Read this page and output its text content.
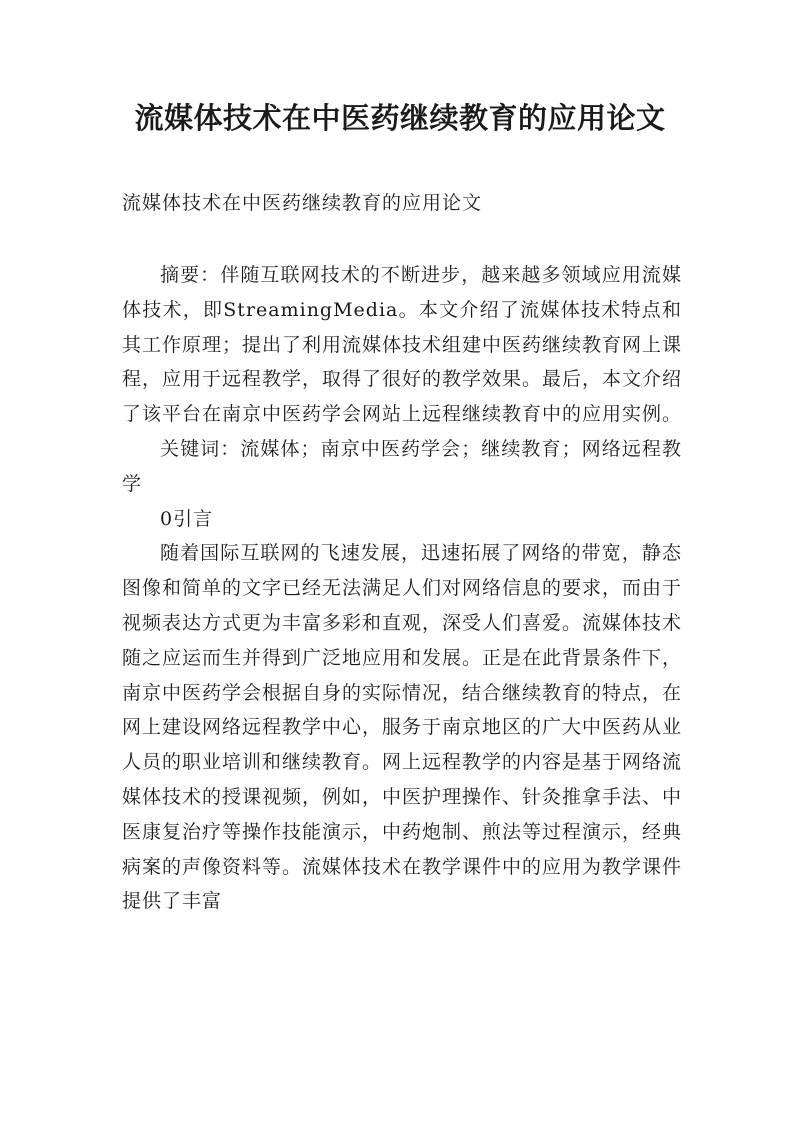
流媒体技术在中医药继续教育的应用论文

流媒体技术在中医药继续教育的应用论文

摘要：伴随互联网技术的不断进步，越来越多领域应用流媒体技术，即StreamingMedia。本文介绍了流媒体技术特点和其工作原理；提出了利用流媒体技术组建中医药继续教育网上课程，应用于远程教学，取得了很好的教学效果。最后，本文介绍了该平台在南京中医药学会网站上远程继续教育中的应用实例。

关键词：流媒体；南京中医药学会；继续教育；网络远程教学

0引言

随着国际互联网的飞速发展，迅速拓展了网络的带宽，静态图像和简单的文字已经无法满足人们对网络信息的要求，而由于视频表达方式更为丰富多彩和直观，深受人们喜爱。流媒体技术随之应运而生并得到广泛地应用和发展。正是在此背景条件下，南京中医药学会根据自身的实际情况，结合继续教育的特点，在网上建设网络远程教学中心，服务于南京地区的广大中医药从业人员的职业培训和继续教育。网上远程教学的内容是基于网络流媒体技术的授课视频，例如，中医护理操作、针灸推拿手法、中医康复治疗等操作技能演示，中药炮制、煎法等过程演示，经典病案的声像资料等。流媒体技术在教学课件中的应用为教学课件提供了丰富
